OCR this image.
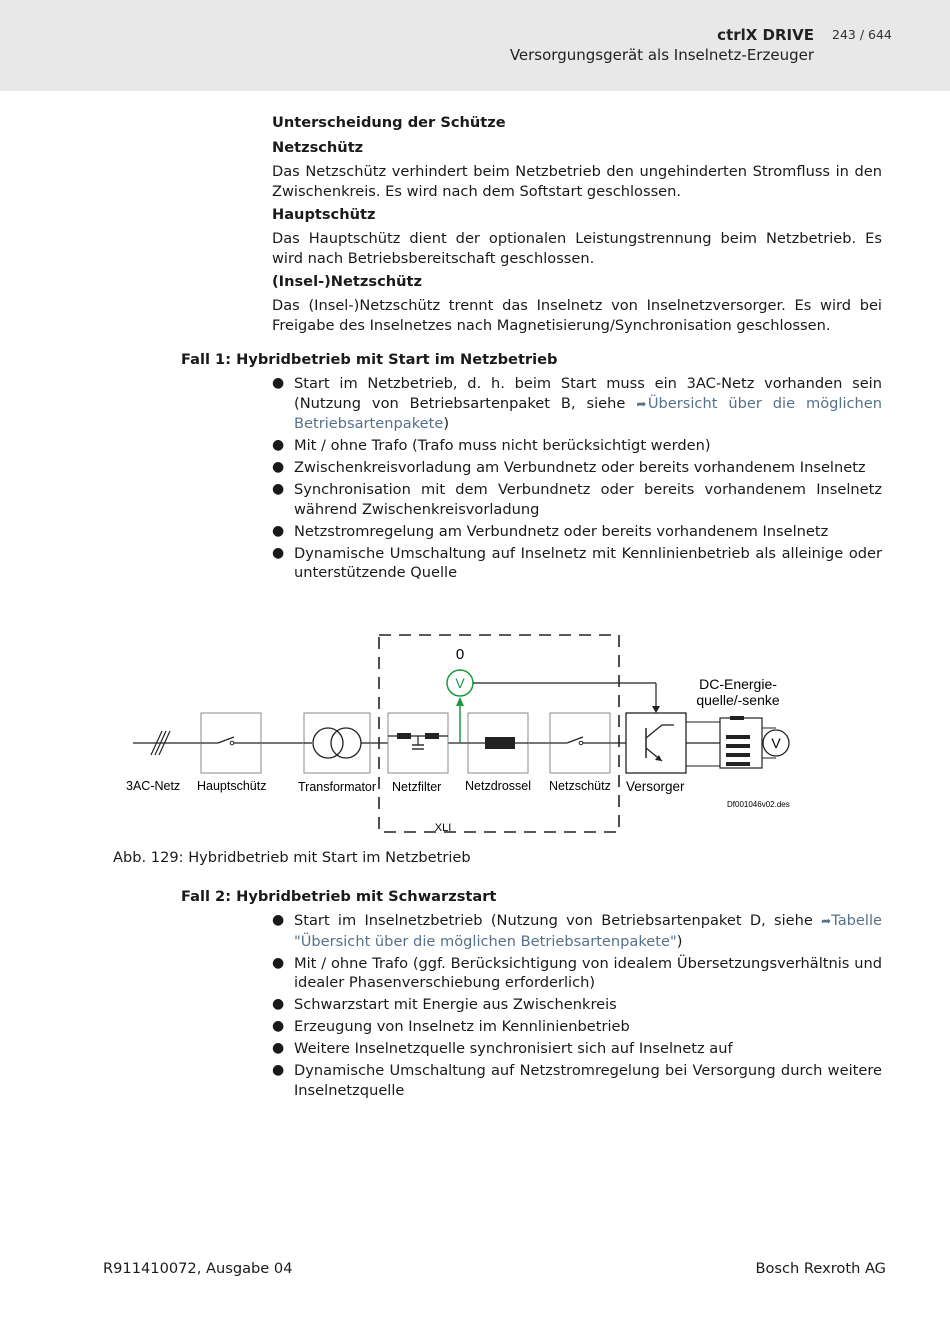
ctrlX DRIVE
Versorgungsgerät als Inselnetz-Erzeuger
243 / 644
Unterscheidung der Schütze
Netzschütz
Das Netzschütz verhindert beim Netzbetrieb den ungehinderten Stromfluss in den Zwischenkreis. Es wird nach dem Softstart geschlossen.
Hauptschütz
Das Hauptschütz dient der optionalen Leistungstrennung beim Netzbetrieb. Es wird nach Betriebsbereitschaft geschlossen.
(Insel-)Netzschütz
Das (Insel-)Netzschütz trennt das Inselnetz von Inselnetzversorger. Es wird bei Freigabe des Inselnetzes nach Magnetisierung/Synchronisation geschlossen.
Fall 1: Hybridbetrieb mit Start im Netzbetrieb
● Start im Netzbetrieb, d. h. beim Start muss ein 3AC-Netz vorhanden sein (Nutzung von Betriebsartenpaket B, siehe ➦ Übersicht über die möglichen Betriebsartenpakete)
● Mit / ohne Trafo (Trafo muss nicht berücksichtigt werden)
● Zwischenkreisvorladung am Verbundnetz oder bereits vorhandenem Inselnetz
● Synchronisation mit dem Verbundnetz oder bereits vorhandenem Inselnetz während Zwischenkreisvorladung
● Netzstromregelung am Verbundnetz oder bereits vorhandenem Inselnetz
● Dynamische Umschaltung auf Inselnetz mit Kennlinienbetrieb als alleinige oder unterstützende Quelle
0
XLI
V
V
DC-Energie-
quelle/-senke
3AC-Netz Hauptschütz	Transformator Netzfilter Netzdrossel Netzschütz Versorger
Df001046v02.des
Abb. 129: Hybridbetrieb mit Start im Netzbetrieb
Fall 2: Hybridbetrieb mit Schwarzstart
● Start im Inselnetzbetrieb (Nutzung von Betriebsartenpaket D, siehe ➦Tabelle "Übersicht über die möglichen Betriebsartenpakete")
● Mit / ohne Trafo (ggf. Berücksichtigung von idealem Übersetzungsverhältnis und idealer Phasenverschiebung erforderlich)
● Schwarzstart mit Energie aus Zwischenkreis
● Erzeugung von Inselnetz im Kennlinienbetrieb
● Weitere Inselnetzquelle synchronisiert sich auf Inselnetz auf
● Dynamische Umschaltung auf Netzstromregelung bei Versorgung durch weitere Inselnetzquelle
R911410072, Ausgabe 04	Bosch Rexroth AG
